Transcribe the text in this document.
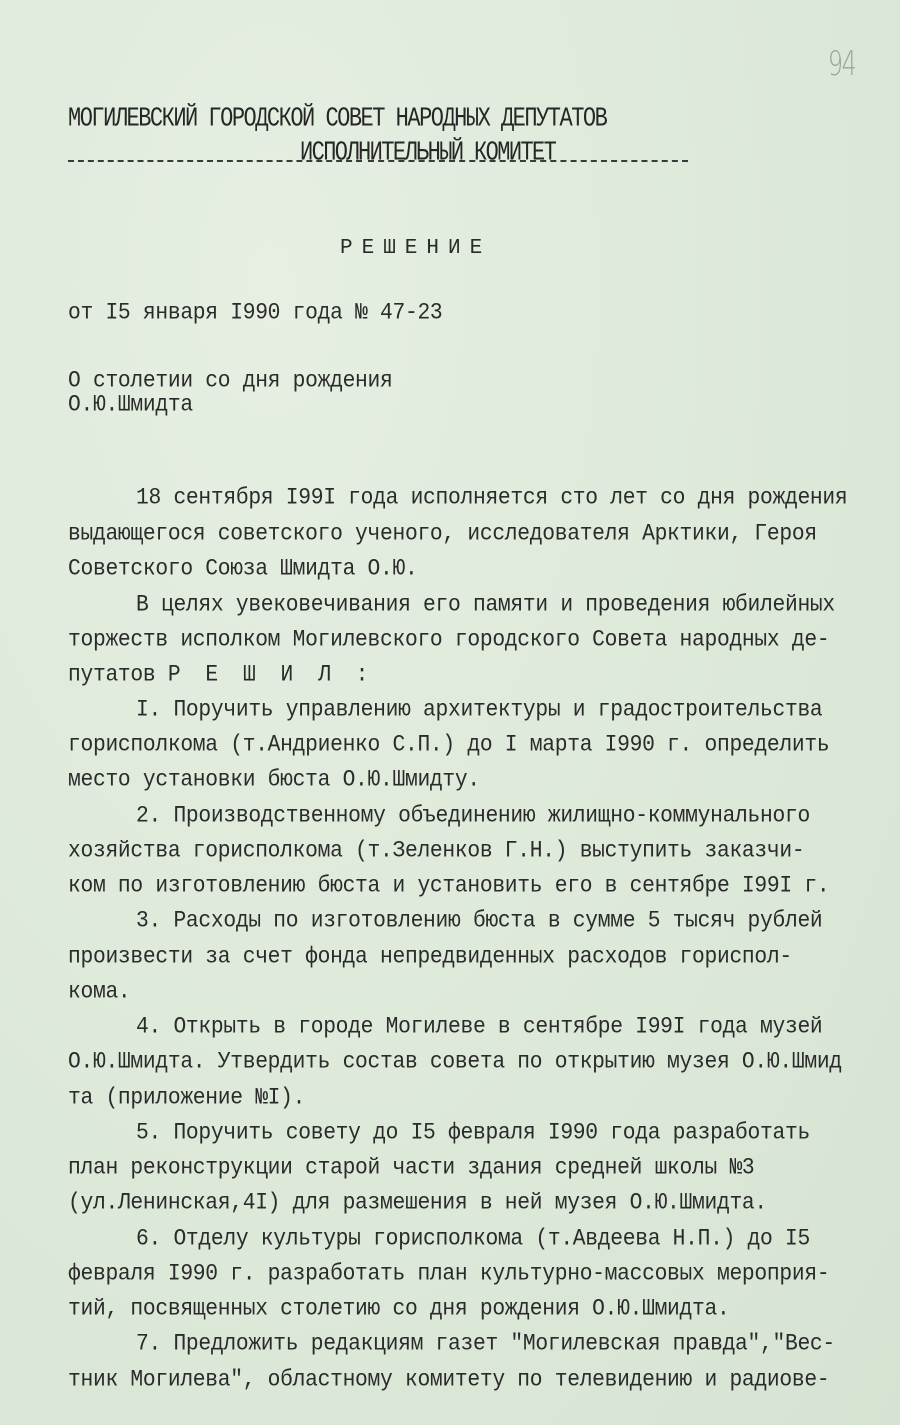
94
МОГИЛЕВСКИЙ ГОРОДСКОЙ СОВЕТ НАРОДНЫХ ДЕПУТАТОВ
ИСПОЛНИТЕЛЬНЫЙ КОМИТЕТ
РЕШЕНИЕ
от I5 января I990 года № 47-23
О столетии со дня рождения
О.Ю.Шмидта
18 сентября I99I года исполняется сто лет со дня рождения
выдающегося советского ученого, исследователя Арктики, Героя
Советского Союза Шмидта О.Ю.
В целях увековечивания его памяти и проведения юбилейных
торжеств исполком Могилевского городского Совета народных де-
путатов Р Е Ш И Л :
I. Поручить управлению архитектуры и градостроительства
горисполкома (т.Андриенко С.П.) до I марта I990 г. определить
место установки бюста О.Ю.Шмидту.
2. Производственному объединению жилищно-коммунального
хозяйства горисполкома (т.Зеленков Г.Н.) выступить заказчи-
ком по изготовлению бюста и установить его в сентябре I99I г.
3. Расходы по изготовлению бюста в сумме 5 тысяч рублей
произвести за счет фонда непредвиденных расходов гориспол-
кома.
4. Открыть в городе Могилеве в сентябре I99I года музей
О.Ю.Шмидта. Утвердить состав совета по открытию музея О.Ю.Шмид
та (приложение №I).
5. Поручить совету до I5 февраля I990 года разработать
план реконструкции старой части здания средней школы №3
(ул.Ленинская,4I) для размешения в ней музея О.Ю.Шмидта.
6. Отделу культуры горисполкома (т.Авдеева Н.П.) до I5
февраля I990 г. разработать план культурно-массовых мероприя-
тий, посвященных столетию со дня рождения О.Ю.Шмидта.
7. Предложить редакциям газет "Могилевская правда","Вес-
тник Могилева", областному комитету по телевидению и радиове-
